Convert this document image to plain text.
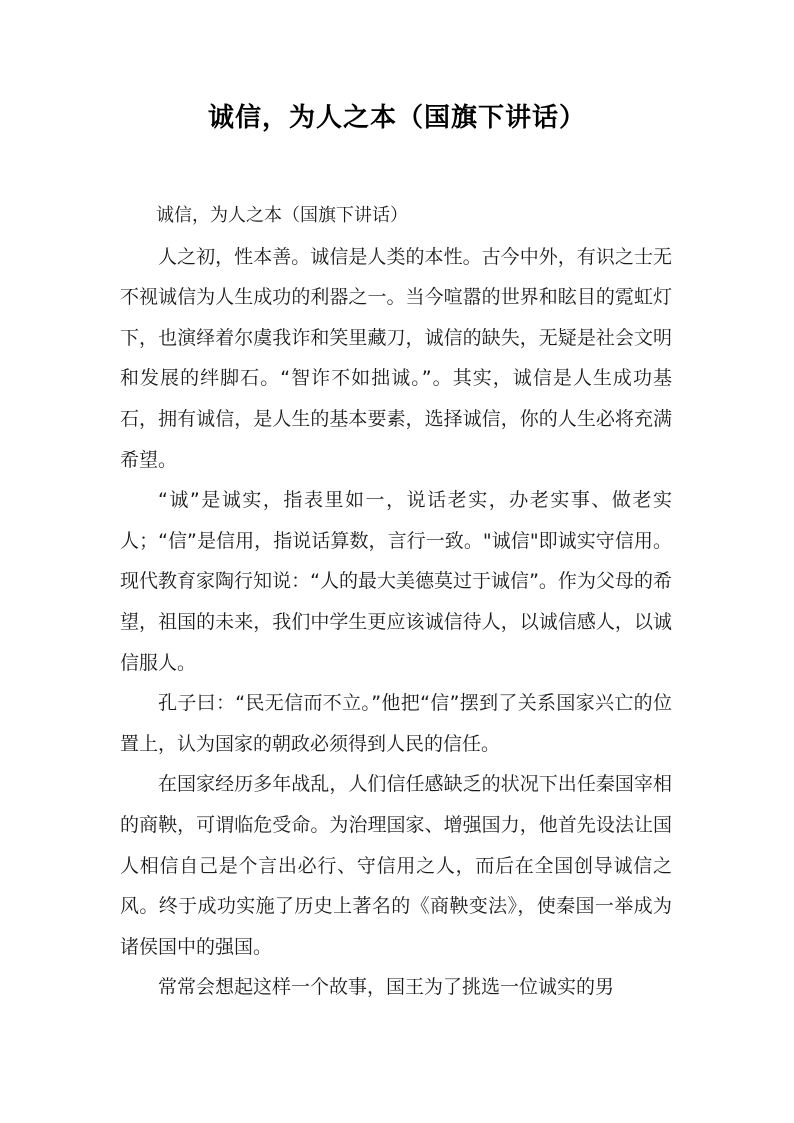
诚信，为人之本（国旗下讲话）

诚信，为人之本（国旗下讲话）

人之初，性本善。诚信是人类的本性。古今中外，有识之士无不视诚信为人生成功的利器之一。当今喧嚣的世界和眩目的霓虹灯下，也演绎着尔虞我诈和笑里藏刀，诚信的缺失，无疑是社会文明和发展的绊脚石。“智诈不如拙诚。”。其实，诚信是人生成功基石，拥有诚信，是人生的基本要素，选择诚信，你的人生必将充满希望。

“诚”是诚实，指表里如一，说话老实，办老实事、做老实人；“信”是信用，指说话算数，言行一致。"诚信"即诚实守信用。现代教育家陶行知说：“人的最大美德莫过于诚信”。作为父母的希望，祖国的未来，我们中学生更应该诚信待人，以诚信感人，以诚信服人。

孔子曰：“民无信而不立。”他把“信”摆到了关系国家兴亡的位置上，认为国家的朝政必须得到人民的信任。

在国家经历多年战乱，人们信任感缺乏的状况下出任秦国宰相的商鞅，可谓临危受命。为治理国家、增强国力，他首先设法让国人相信自己是个言出必行、守信用之人，而后在全国创导诚信之风。终于成功实施了历史上著名的《商鞅变法》，使秦国一举成为诸侯国中的强国。

常常会想起这样一个故事，国王为了挑选一位诚实的男
